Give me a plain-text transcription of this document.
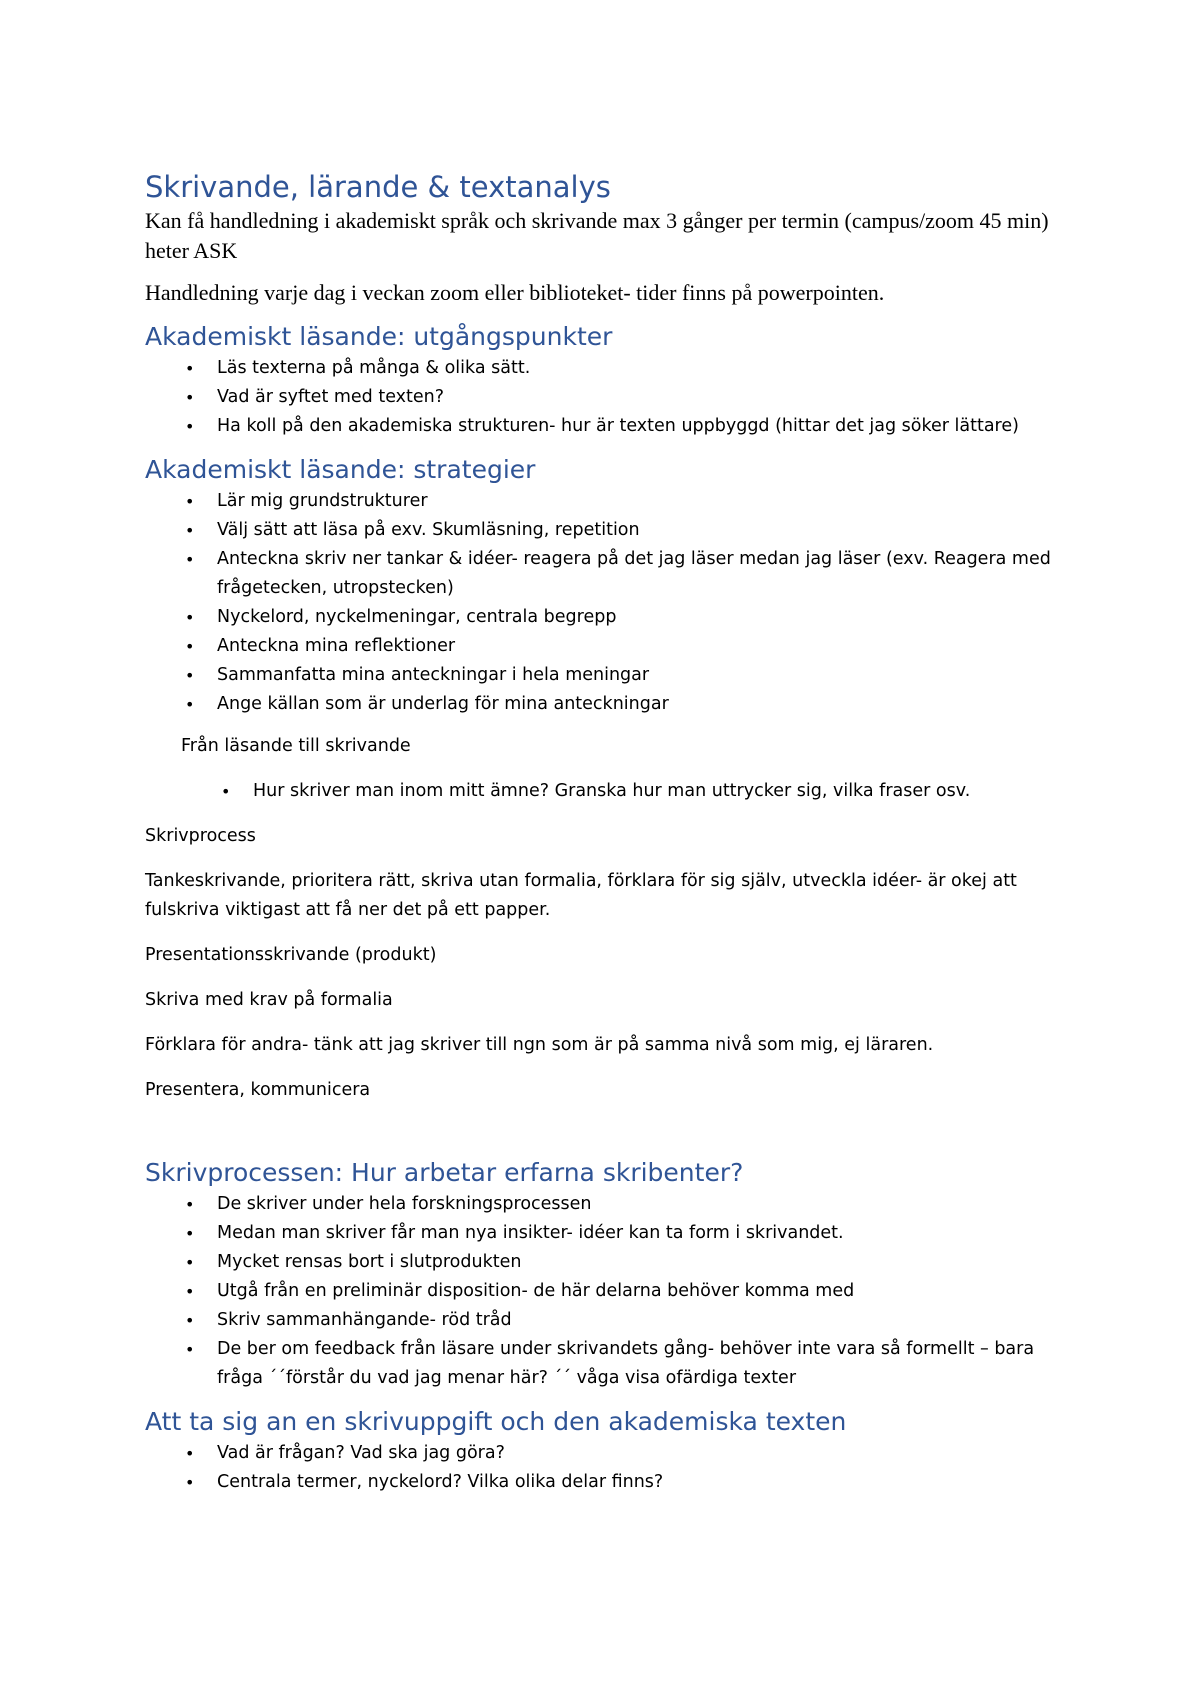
Skrivande, lärande & textanalys

Kan få handledning i akademiskt språk och skrivande max 3 gånger per termin (campus/zoom 45 min) heter ASK

Handledning varje dag i veckan zoom eller biblioteket- tider finns på powerpointen.

Akademiskt läsande: utgångspunkter
• Läs texterna på många & olika sätt.
• Vad är syftet med texten?
• Ha koll på den akademiska strukturen- hur är texten uppbyggd (hittar det jag söker lättare)
Akademiskt läsande: strategier
• Lär mig grundstrukturer
• Välj sätt att läsa på exv. Skumläsning, repetition
• Anteckna skriv ner tankar & idéer- reagera på det jag läser medan jag läser (exv. Reagera med frågetecken, utropstecken)
• Nyckelord, nyckelmeningar, centrala begrepp
• Anteckna mina reflektioner
• Sammanfatta mina anteckningar i hela meningar
• Ange källan som är underlag för mina anteckningar

Från läsande till skrivande

• Hur skriver man inom mitt ämne? Granska hur man uttrycker sig, vilka fraser osv.

Skrivprocess

Tankeskrivande, prioritera rätt, skriva utan formalia, förklara för sig själv, utveckla idéer- är okej att fulskriva viktigast att få ner det på ett papper.

Presentationsskrivande (produkt)

Skriva med krav på formalia

Förklara för andra- tänk att jag skriver till ngn som är på samma nivå som mig, ej läraren.

Presentera, kommunicera

Skrivprocessen: Hur arbetar erfarna skribenter?
• De skriver under hela forskningsprocessen
• Medan man skriver får man nya insikter- idéer kan ta form i skrivandet.
• Mycket rensas bort i slutprodukten
• Utgå från en preliminär disposition- de här delarna behöver komma med
• Skriv sammanhängande- röd tråd
• De ber om feedback från läsare under skrivandets gång- behöver inte vara så formellt – bara fråga ´´förstår du vad jag menar här? ´´ våga visa ofärdiga texter
Att ta sig an en skrivuppgift och den akademiska texten
• Vad är frågan? Vad ska jag göra?
• Centrala termer, nyckelord? Vilka olika delar finns?
